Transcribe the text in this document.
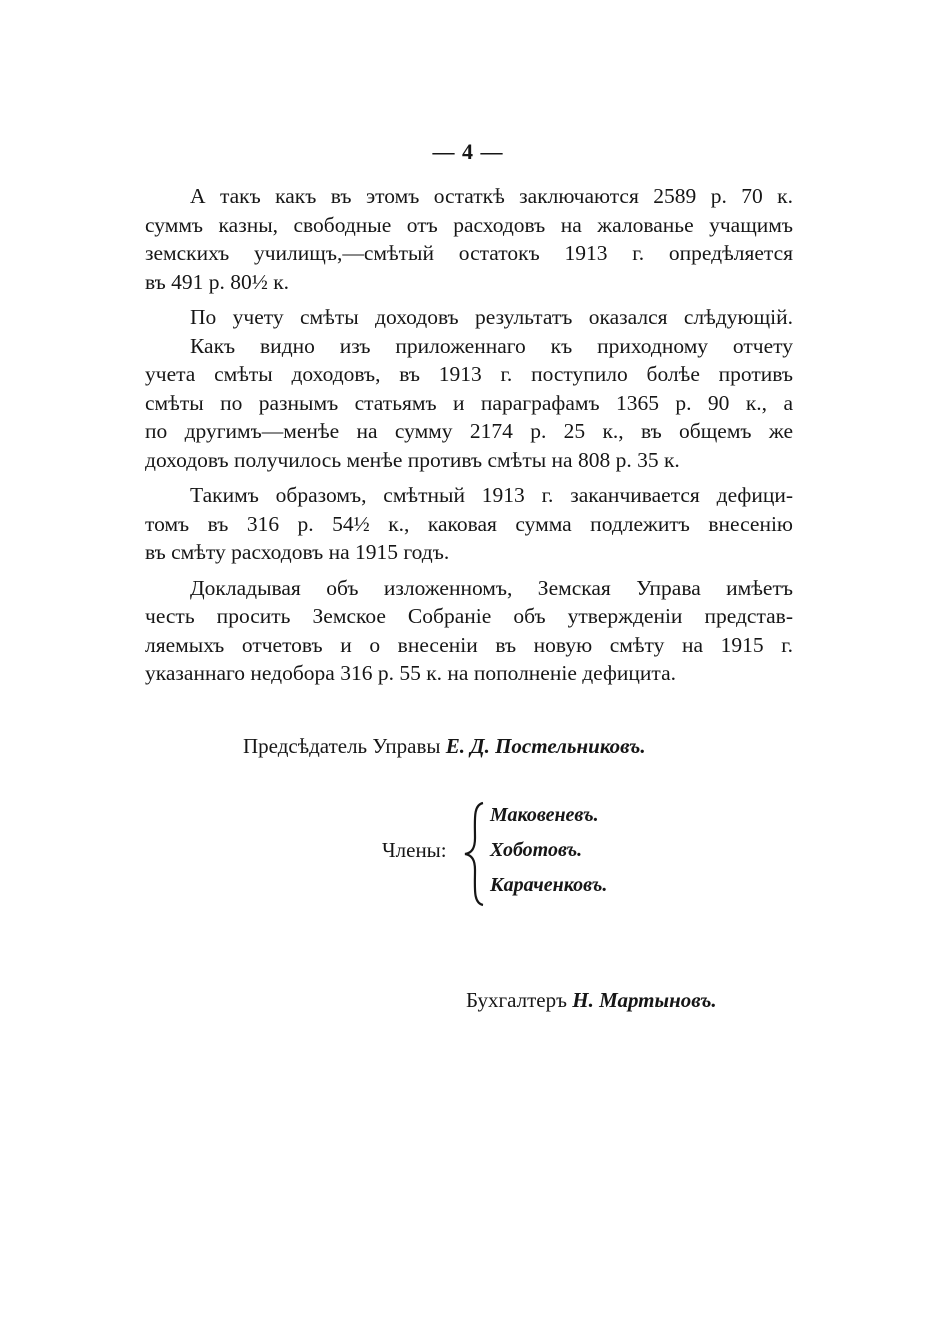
— 4 —
А такъ какъ въ этомъ остаткѣ заключаются 2589 р. 70 к.
суммъ казны, свободные отъ расходовъ на жалованье учащимъ
земскихъ училищъ,—смѣтый остатокъ 1913 г. опредѣляется
въ 491 р. 80½ к.
По учету смѣты доходовъ результатъ оказался слѣдующій.
Какъ видно изъ приложеннаго къ приходному отчету
учета смѣты доходовъ, въ 1913 г. поступило болѣе противъ
смѣты по разнымъ статьямъ и параграфамъ 1365 р. 90 к., а
по другимъ—менѣе на сумму 2174 р. 25 к., въ общемъ же
доходовъ получилось менѣе противъ смѣты на 808 р. 35 к.
Такимъ образомъ, смѣтный 1913 г. заканчивается дефици-
томъ въ 316 р. 54½ к., каковая сумма подлежитъ внесенію
въ смѣту расходовъ на 1915 годъ.
Докладывая объ изложенномъ, Земская Управа имѣетъ
честь просить Земское Собраніе объ утвержденіи представ-
ляемыхъ отчетовъ и о внесеніи въ новую смѣту на 1915 г.
указаннаго недобора 316 р. 55 к. на пополненіе дефицита.
Предсѣдатель Управы Е. Д. Постельниковъ.
Члены:
Маковеневъ.
Хоботовъ.
Караченковъ.
Бухгалтеръ Н. Мартыновъ.
